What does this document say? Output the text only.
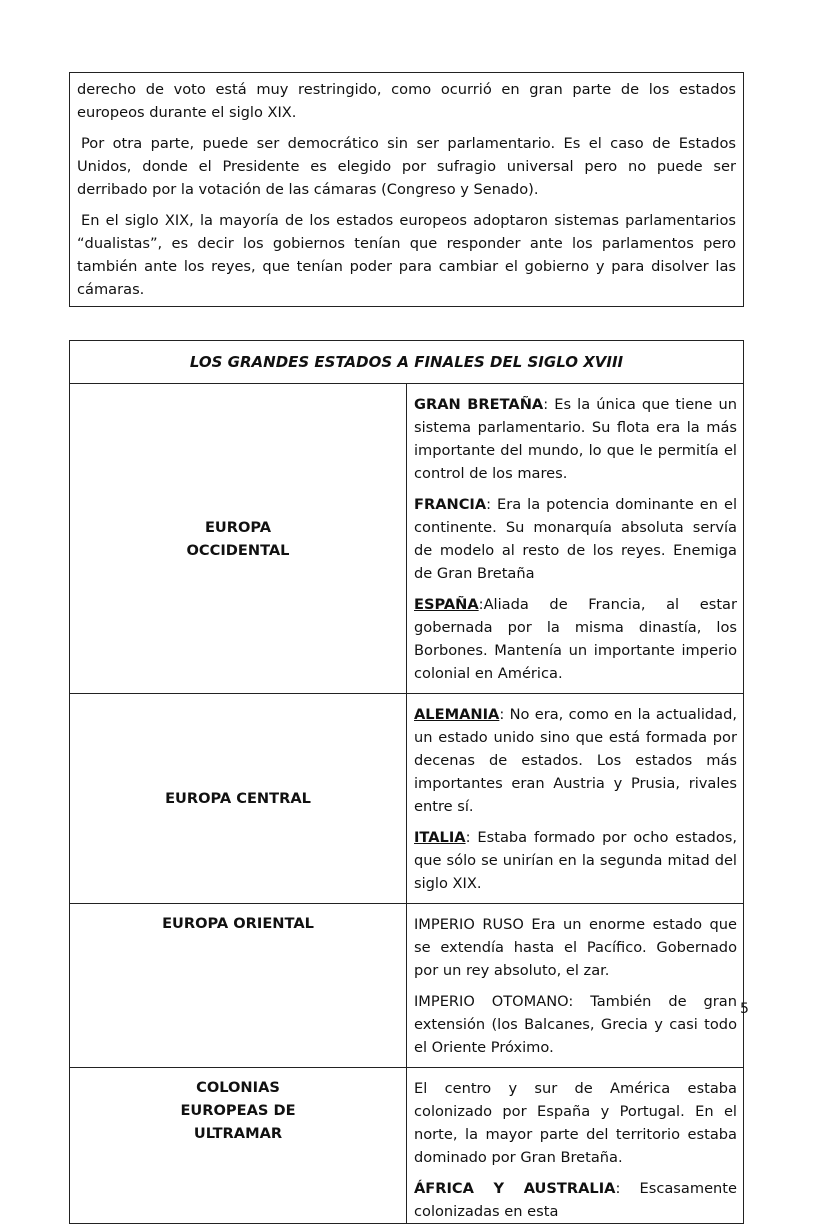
derecho de voto está muy restringido, como ocurrió en gran parte de los estados europeos durante el siglo XIX.

Por otra parte, puede ser democrático sin ser parlamentario. Es el caso de Estados Unidos, donde el Presidente es elegido por sufragio universal pero no puede ser derribado por la votación de las cámaras (Congreso y Senado).

En el siglo XIX, la mayoría de los estados europeos adoptaron sistemas parlamentarios “dualistas”, es decir los gobiernos tenían que responder ante los parlamentos pero también ante los reyes, que tenían poder para cambiar el gobierno y para disolver las cámaras.

LOS GRANDES ESTADOS A FINALES DEL SIGLO XVIII	
EUROPA OCCIDENTAL	GRAN BRETAÑA: Es la única que tiene un sistema parlamentario. Su flota era la más importante del mundo, lo que le permitía el control de los mares.

FRANCIA: Era la potencia dominante en el continente. Su monarquía absoluta servía de modelo al resto de los reyes. Enemiga de Gran Bretaña

ESPAÑA:Aliada de Francia, al estar gobernada por la misma dinastía, los Borbones. Mantenía un importante imperio colonial en América.

EUROPA CENTRAL	ALEMANIA: No era, como en la actualidad, un estado unido sino que está formada por decenas de estados. Los estados más importantes eran Austria y Prusia, rivales entre sí.

ITALIA: Estaba formado por ocho estados, que sólo se unirían en la segunda mitad del siglo XIX.

EUROPA ORIENTAL	IMPERIO RUSO Era un enorme estado que se extendía hasta el Pacífico. Gobernado por un rey absoluto, el zar.

IMPERIO OTOMANO: También de gran extensión (los Balcanes, Grecia y casi todo el Oriente Próximo.

COLONIAS EUROPEAS DE ULTRAMAR	El centro y sur de América estaba colonizado por España y Portugal. En el norte, la mayor parte del territorio estaba dominado por Gran Bretaña.

ÁFRICA Y AUSTRALIA: Escasamente colonizadas en esta

5
